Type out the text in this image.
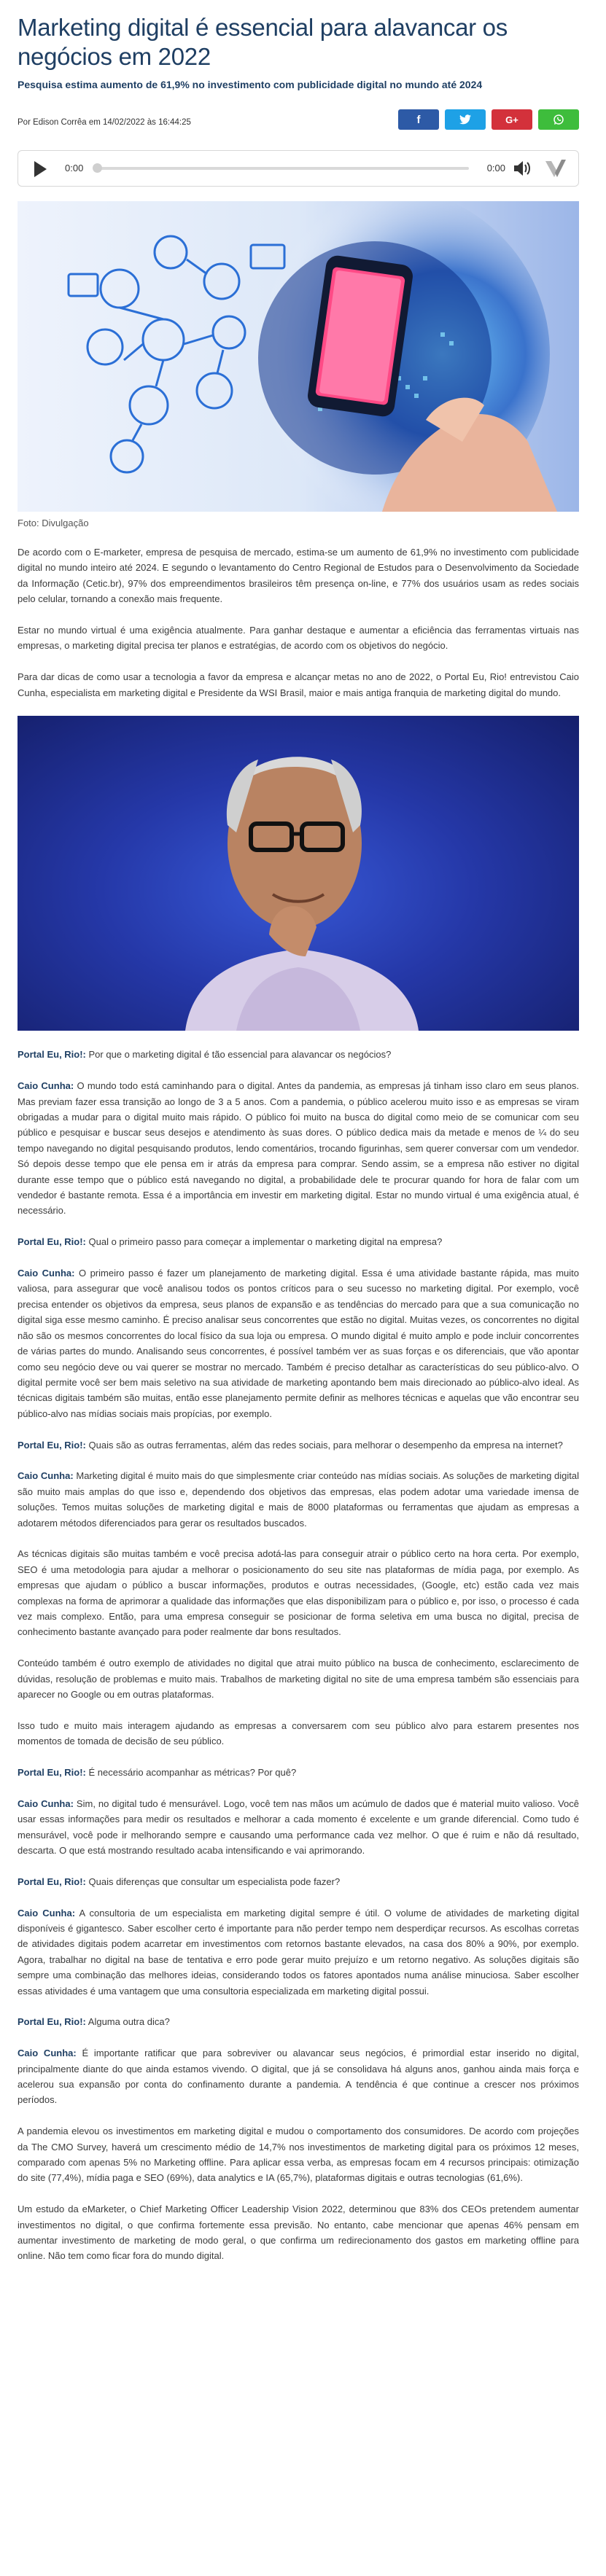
Marketing digital é essencial para alavancar os negócios em 2022
Pesquisa estima aumento de 61,9% no investimento com publicidade digital no mundo até 2024
Por Edison Corrêa em 14/02/2022 às 16:44:25	f	G+
0:00	0:00
Foto: Divulgação

De acordo com o E-marketer, empresa de pesquisa de mercado, estima-se um aumento de 61,9% no investimento com publicidade digital no mundo inteiro até 2024. E segundo o levantamento do Centro Regional de Estudos para o Desenvolvimento da Sociedade da Informação (Cetic.br), 97% dos empreendimentos brasileiros têm presença on-line, e 77% dos usuários usam as redes sociais pelo celular, tornando a conexão mais frequente.

Estar no mundo virtual é uma exigência atualmente. Para ganhar destaque e aumentar a eficiência das ferramentas virtuais nas empresas, o marketing digital precisa ter planos e estratégias, de acordo com os objetivos do negócio.

Para dar dicas de como usar a tecnologia a favor da empresa e alcançar metas no ano de 2022, o Portal Eu, Rio! entrevistou Caio Cunha, especialista em marketing digital e Presidente da WSI Brasil, maior e mais antiga franquia de marketing digital do mundo.

Portal Eu, Rio!: Por que o marketing digital é tão essencial para alavancar os negócios?

Caio Cunha: O mundo todo está caminhando para o digital. Antes da pandemia, as empresas já tinham isso claro em seus planos. Mas previam fazer essa transição ao longo de 3 a 5 anos. Com a pandemia, o público acelerou muito isso e as empresas se viram obrigadas a mudar para o digital muito mais rápido. O público foi muito na busca do digital como meio de se comunicar com seu público e pesquisar e buscar seus desejos e atendimento às suas dores. O público dedica mais da metade e menos de ¼ do seu tempo navegando no digital pesquisando produtos, lendo comentários, trocando figurinhas, sem querer conversar com um vendedor. Só depois desse tempo que ele pensa em ir atrás da empresa para comprar. Sendo assim, se a empresa não estiver no digital durante esse tempo que o público está navegando no digital, a probabilidade dele te procurar quando for hora de falar com um vendedor é bastante remota. Essa é a importância em investir em marketing digital. Estar no mundo virtual é uma exigência atual, é necessário.

Portal Eu, Rio!: Qual o primeiro passo para começar a implementar o marketing digital na empresa?

Caio Cunha: O primeiro passo é fazer um planejamento de marketing digital. Essa é uma atividade bastante rápida, mas muito valiosa, para assegurar que você analisou todos os pontos críticos para o seu sucesso no marketing digital. Por exemplo, você precisa entender os objetivos da empresa, seus planos de expansão e as tendências do mercado para que a sua comunicação no digital siga esse mesmo caminho. É preciso analisar seus concorrentes que estão no digital. Muitas vezes, os concorrentes no digital não são os mesmos concorrentes do local físico da sua loja ou empresa. O mundo digital é muito amplo e pode incluir concorrentes de várias partes do mundo. Analisando seus concorrentes, é possível também ver as suas forças e os diferenciais, que vão apontar como seu negócio deve ou vai querer se mostrar no mercado. Também é preciso detalhar as características do seu público-alvo. O digital permite você ser bem mais seletivo na sua atividade de marketing apontando bem mais direcionado ao público-alvo ideal. As técnicas digitais também são muitas, então esse planejamento permite definir as melhores técnicas e aquelas que vão encontrar seu público-alvo nas mídias sociais mais propícias, por exemplo.

Portal Eu, Rio!: Quais são as outras ferramentas, além das redes sociais, para melhorar o desempenho da empresa na internet?

Caio Cunha: Marketing digital é muito mais do que simplesmente criar conteúdo nas mídias sociais. As soluções de marketing digital são muito mais amplas do que isso e, dependendo dos objetivos das empresas, elas podem adotar uma variedade imensa de soluções. Temos muitas soluções de marketing digital e mais de 8000 plataformas ou ferramentas que ajudam as empresas a adotarem métodos diferenciados para gerar os resultados buscados.

As técnicas digitais são muitas também e você precisa adotá-las para conseguir atrair o público certo na hora certa. Por exemplo, SEO é uma metodologia para ajudar a melhorar o posicionamento do seu site nas plataformas de mídia paga, por exemplo. As empresas que ajudam o público a buscar informações, produtos e outras necessidades, (Google, etc) estão cada vez mais complexas na forma de aprimorar a qualidade das informações que elas disponibilizam para o público e, por isso, o processo é cada vez mais complexo. Então, para uma empresa conseguir se posicionar de forma seletiva em uma busca no digital, precisa de conhecimento bastante avançado para poder realmente dar bons resultados.

Conteúdo também é outro exemplo de atividades no digital que atrai muito público na busca de conhecimento, esclarecimento de dúvidas, resolução de problemas e muito mais. Trabalhos de marketing digital no site de uma empresa também são essenciais para aparecer no Google ou em outras plataformas.

Isso tudo e muito mais interagem ajudando as empresas a conversarem com seu público alvo para estarem presentes nos momentos de tomada de decisão de seu público.

Portal Eu, Rio!: É necessário acompanhar as métricas? Por quê?

Caio Cunha: Sim, no digital tudo é mensurável. Logo, você tem nas mãos um acúmulo de dados que é material muito valioso. Você usar essas informações para medir os resultados e melhorar a cada momento é excelente e um grande diferencial. Como tudo é mensurável, você pode ir melhorando sempre e causando uma performance cada vez melhor. O que é ruim e não dá resultado, descarta. O que está mostrando resultado acaba intensificando e vai aprimorando.

Portal Eu, Rio!: Quais diferenças que consultar um especialista pode fazer?

Caio Cunha: A consultoria de um especialista em marketing digital sempre é útil. O volume de atividades de marketing digital disponíveis é gigantesco. Saber escolher certo é importante para não perder tempo nem desperdiçar recursos. As escolhas corretas de atividades digitais podem acarretar em investimentos com retornos bastante elevados, na casa dos 80% a 90%, por exemplo. Agora, trabalhar no digital na base de tentativa e erro pode gerar muito prejuízo e um retorno negativo. As soluções digitais são sempre uma combinação das melhores ideias, considerando todos os fatores apontados numa análise minuciosa. Saber escolher essas atividades é uma vantagem que uma consultoria especializada em marketing digital possui.

Portal Eu, Rio!: Alguma outra dica?

Caio Cunha: É importante ratificar que para sobreviver ou alavancar seus negócios, é primordial estar inserido no digital, principalmente diante do que ainda estamos vivendo. O digital, que já se consolidava há alguns anos, ganhou ainda mais força e acelerou sua expansão por conta do confinamento durante a pandemia. A tendência é que continue a crescer nos próximos períodos.

A pandemia elevou os investimentos em marketing digital e mudou o comportamento dos consumidores. De acordo com projeções da The CMO Survey, haverá um crescimento médio de 14,7% nos investimentos de marketing digital para os próximos 12 meses, comparado com apenas 5% no Marketing offline. Para aplicar essa verba, as empresas focam em 4 recursos principais: otimização do site (77,4%), mídia paga e SEO (69%), data analytics e IA (65,7%), plataformas digitais e outras tecnologias (61,6%).

Um estudo da eMarketer, o Chief Marketing Officer Leadership Vision 2022, determinou que 83% dos CEOs pretendem aumentar investimentos no digital, o que confirma fortemente essa previsão. No entanto, cabe mencionar que apenas 46% pensam em aumentar investimento de marketing de modo geral, o que confirma um redirecionamento dos gastos em marketing offline para online. Não tem como ficar fora do mundo digital.
